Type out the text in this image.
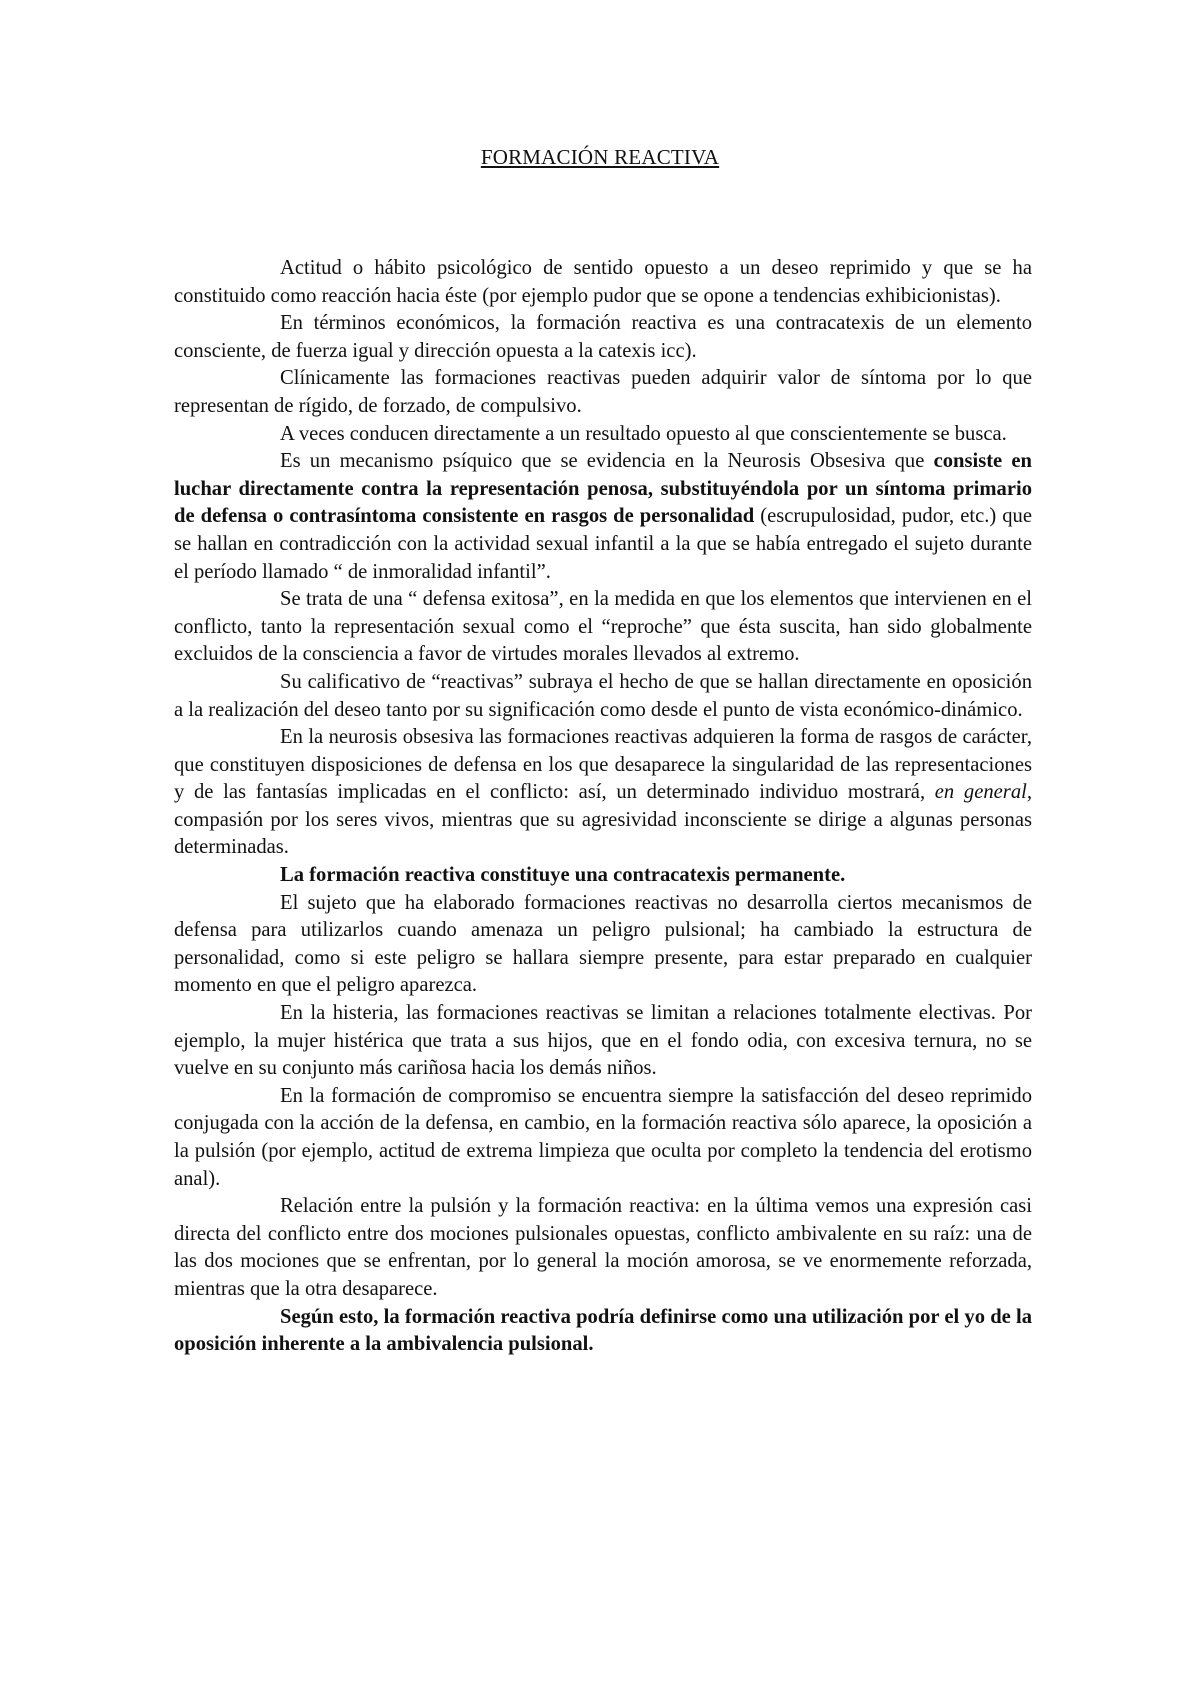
FORMACIÓN REACTIVA

Actitud o hábito psicológico de sentido opuesto a un deseo reprimido y que se ha constituido como reacción hacia éste (por ejemplo pudor que se opone a tendencias exhibicionistas).

En términos económicos, la formación reactiva es una contracatexis de un elemento consciente, de fuerza igual y dirección opuesta a la catexis icc).

Clínicamente las formaciones reactivas pueden adquirir valor de síntoma por lo que representan de rígido, de forzado, de compulsivo.

A veces conducen directamente a un resultado opuesto al que conscientemente se busca.

Es un mecanismo psíquico que se evidencia en la Neurosis Obsesiva que consiste en luchar directamente contra la representación penosa, substituyéndola por un síntoma primario de defensa o contrasíntoma consistente en rasgos de personalidad (escrupulosidad, pudor, etc.) que se hallan en contradicción con la actividad sexual infantil a la que se había entregado el sujeto durante el período llamado “ de inmoralidad infantil”.

Se trata de una “ defensa exitosa”, en la medida en que los elementos que intervienen en el conflicto, tanto la representación sexual como el “reproche” que ésta suscita, han sido globalmente excluidos de la consciencia a favor de virtudes morales llevados al extremo.

Su calificativo de “reactivas” subraya el hecho de que se hallan directamente en oposición a la realización del deseo tanto por su significación como desde el punto de vista económico-dinámico.

En la neurosis obsesiva las formaciones reactivas adquieren la forma de rasgos de carácter, que constituyen disposiciones de defensa en los que desaparece la singularidad de las representaciones y de las fantasías implicadas en el conflicto: así, un determinado individuo mostrará, en general, compasión por los seres vivos, mientras que su agresividad inconsciente se dirige a algunas personas determinadas.

La formación reactiva constituye una contracatexis permanente.

El sujeto que ha elaborado formaciones reactivas no desarrolla ciertos mecanismos de defensa para utilizarlos cuando amenaza un peligro pulsional; ha cambiado la estructura de personalidad, como si este peligro se hallara siempre presente, para estar preparado en cualquier momento en que el peligro aparezca.

En la histeria, las formaciones reactivas se limitan a relaciones totalmente electivas. Por ejemplo, la mujer histérica que trata a sus hijos, que en el fondo odia, con excesiva ternura, no se vuelve en su conjunto más cariñosa hacia los demás niños.

En la formación de compromiso se encuentra siempre la satisfacción del deseo reprimido conjugada con la acción de la defensa, en cambio, en la formación reactiva sólo aparece, la oposición a la pulsión (por ejemplo, actitud de extrema limpieza que oculta por completo la tendencia del erotismo anal).

Relación entre la pulsión y la formación reactiva: en la última vemos una expresión casi directa del conflicto entre dos mociones pulsionales opuestas, conflicto ambivalente en su raíz: una de las dos mociones que se enfrentan, por lo general la moción amorosa, se ve enormemente reforzada, mientras que la otra desaparece.

Según esto, la formación reactiva podría definirse como una utilización por el yo de la oposición inherente a la ambivalencia pulsional.
